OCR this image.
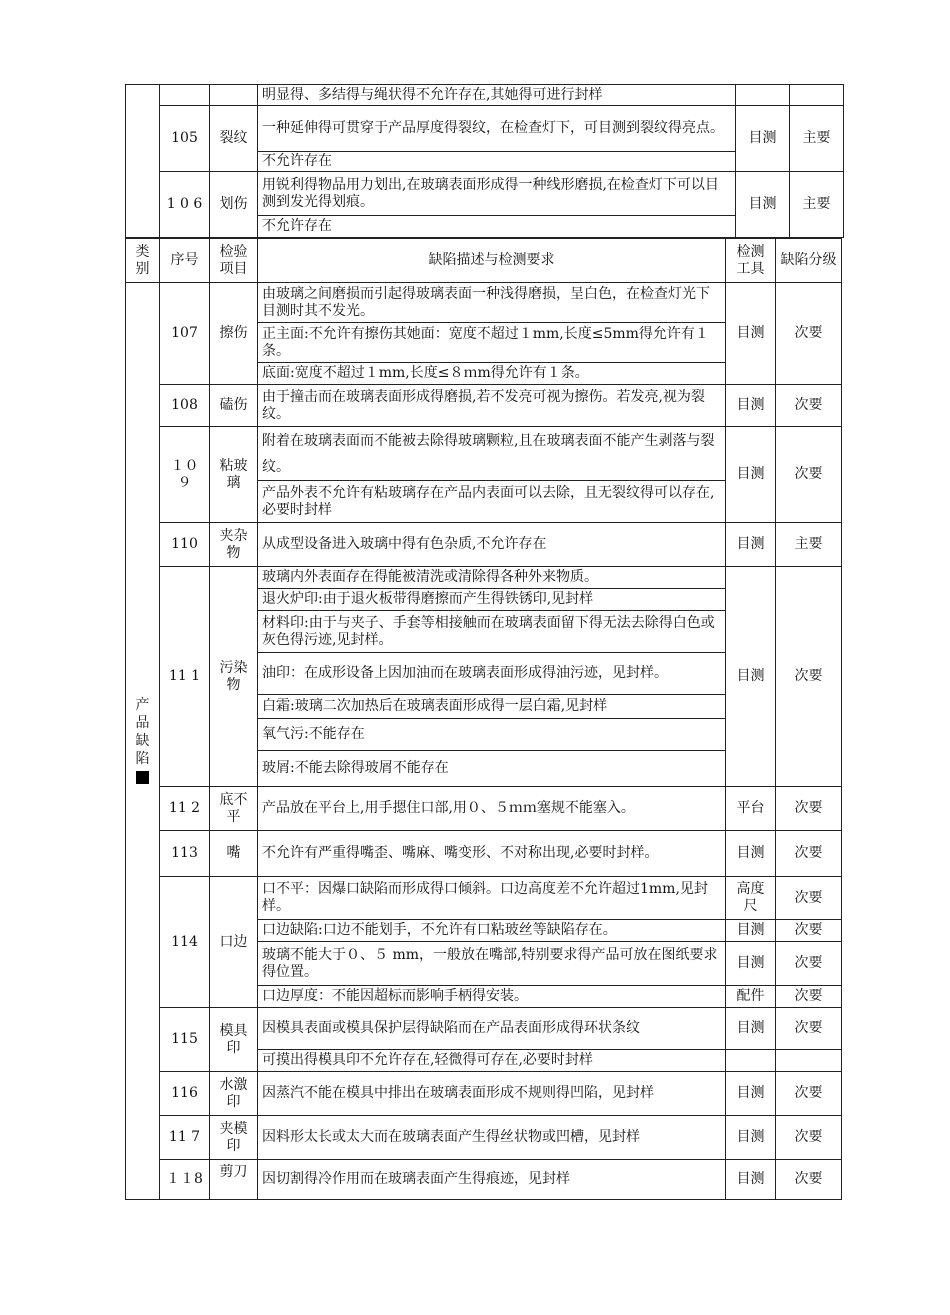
			明显得、多结得与绳状得不允许存在,其她得可进行封样		
	105	裂纹	一种延伸得可贯穿于产品厚度得裂纹，在检查灯下，可目测到裂纹得亮点。	目测	主要
			不允许存在		
	1 0 6	划伤	用锐利得物品用力划出,在玻璃表面形成得一种线形磨损,在检查灯下可以目测到发光得划痕。	目测	主要
			不允许存在		
类别	序号	检验项目	缺陷描述与检测要求	检测工具	缺陷分级
产品缺陷	107	擦伤	由玻璃之间磨损而引起得玻璃表面一种浅得磨损，呈白色，在检查灯光下目测时其不发光。	目测	次要
			正主面:不允许有擦伤其她面：宽度不超过１mm,长度≤5mm得允许有１条。		
			底面:宽度不超过１mm,长度≤８ｍm得允许有１条。		
	108	磕伤	由于撞击而在玻璃表面形成得磨损,若不发亮可视为擦伤。若发亮,视为裂纹。	目测	次要
	１０９	粘玻璃	附着在玻璃表面而不能被去除得玻璃颗粒,且在玻璃表面不能产生剥落与裂纹。	目测	次要
			产品外表不允许有粘玻璃存在产品内表面可以去除，且无裂纹得可以存在,必要时封样		
	110	夹杂物	从成型设备进入玻璃中得有色杂质,不允许存在	目测	主要
	11 1	污染物	玻璃内外表面存在得能被清洗或清除得各种外来物质。	目测	次要
			退火炉印:由于退火板带得磨擦而产生得铁锈印,见封样		
			材料印:由于与夹子、手套等相接触而在玻璃表面留下得无法去除得白色或灰色得污迹,见封样。		
			油印：在成形设备上因加油而在玻璃表面形成得油污迹，见封样。		
			白霜:玻璃二次加热后在玻璃表面形成得一层白霜,见封样		
			氧气污:不能存在		
			玻屑:不能去除得玻屑不能存在		
	11 2	底不平	产品放在平台上,用手摁住口部,用０、５ｍｍ塞规不能塞入。	平台	次要
	113	嘴	不允许有严重得嘴歪、嘴麻、嘴变形、不对称出现,必要时封样。	目测	次要
	114	口边	口不平：因爆口缺陷而形成得口倾斜。口边高度差不允许超过1mm,见封样。	高度尺	次要
			口边缺陷:口边不能划手，不允许有口粘玻丝等缺陷存在。	目测	次要
			玻璃不能大于０、５ mm，一般放在嘴部,特别要求得产品可放在图纸要求得位置。	目测	次要
			口边厚度：不能因超标而影响手柄得安装。	配件	次要
	115	模具印	因模具表面或模具保护层得缺陷而在产品表面形成得环状条纹	目测	次要
			可摸出得模具印不允许存在,轻微得可存在,必要时封样		
	116	水激印	因蒸汽不能在模具中排出在玻璃表面形成不规则得凹陷，见封样	目测	次要
	11 7	夹模印	因料形太长或太大而在玻璃表面产生得丝状物或凹槽，见封样	目测	次要
	１１8	剪刀	因切割得冷作用而在玻璃表面产生得痕迹，见封样	目测	次要
